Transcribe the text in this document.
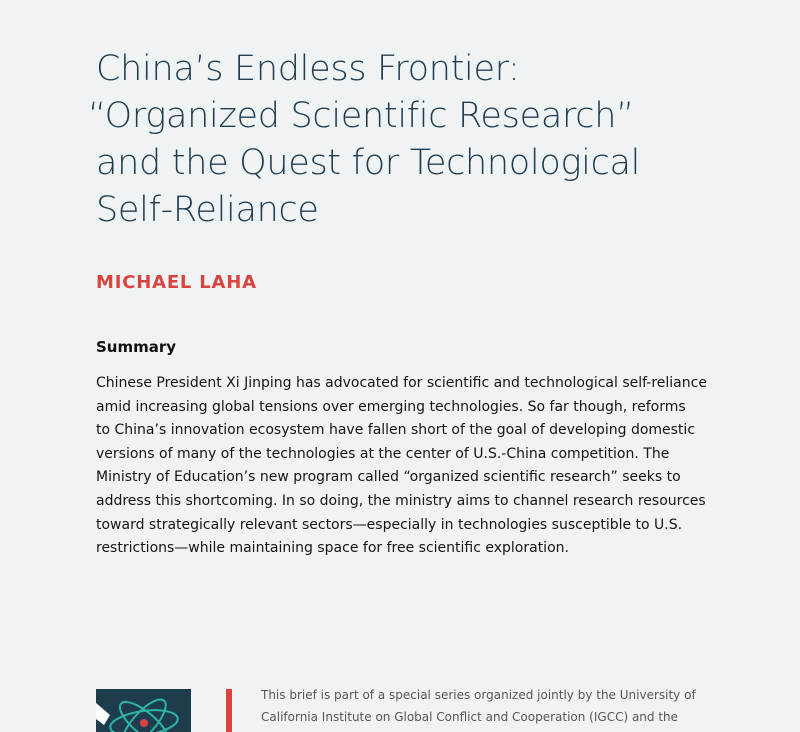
China’s Endless Frontier:
“Organized Scientific Research”
and the Quest for Technological
Self-Reliance
MICHAEL LAHA
Summary
Chinese President Xi Jinping has advocated for scientific and technological self-reliance
amid increasing global tensions over emerging technologies. So far though, reforms
to China’s innovation ecosystem have fallen short of the goal of developing domestic
versions of many of the technologies at the center of U.S.-China competition. The
Ministry of Education’s new program called “organized scientific research” seeks to
address this shortcoming. In so doing, the ministry aims to channel research resources
toward strategically relevant sectors—especially in technologies susceptible to U.S.
restrictions—while maintaining space for free scientific exploration.
This brief is part of a special series organized jointly by the University of
California Institute on Global Conflict and Cooperation (IGCC) and the
